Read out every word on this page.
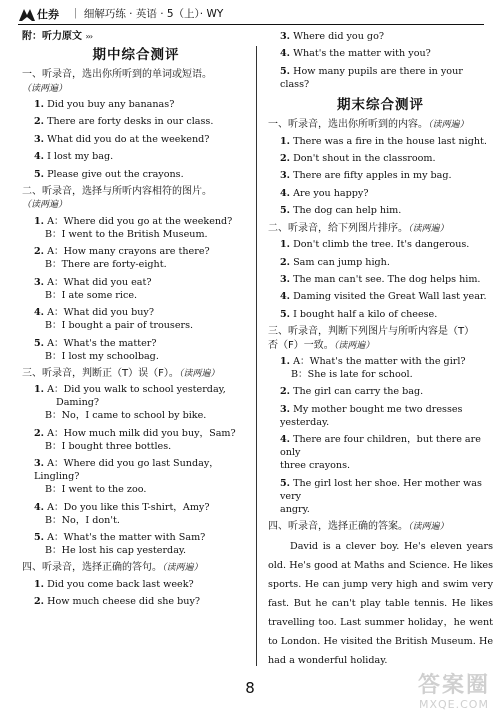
仕券 ｜ 细解巧练 · 英语 · 5（上）· WY
附：听力原文 ›››
期中综合测评
一、听录音，选出你所听到的单词或短语。（读两遍）
1. Did you buy any bananas?
2. There are forty desks in our class.
3. What did you do at the weekend?
4. I lost my bag.
5. Please give out the crayons.
二、听录音，选择与所听内容相符的图片。（读两遍）
1. A：Where did you go at the weekend?
B：I went to the British Museum.
2. A：How many crayons are there?
B：There are forty-eight.
3. A：What did you eat?
B：I ate some rice.
4. A：What did you buy?
B：I bought a pair of trousers.
5. A：What's the matter?
B：I lost my schoolbag.
三、听录音，判断正（T）误（F）。（读两遍）
1. A：Did you walk to school yesterday,
Daming?
B：No，I came to school by bike.
2. A：How much milk did you buy，Sam?
B：I bought three bottles.
3. A：Where did you go last Sunday，Lingling?
B：I went to the zoo.
4. A：Do you like this T-shirt，Amy?
B：No，I don't.
5. A：What's the matter with Sam?
B：He lost his cap yesterday.
四、听录音，选择正确的答句。（读两遍）
1. Did you come back last week?
2. How much cheese did she buy?
3. Where did you go?
4. What's the matter with you?
5. How many pupils are there in your class?
期末综合测评
一、听录音，选出你所听到的内容。（读两遍）
1. There was a fire in the house last night.
2. Don't shout in the classroom.
3. There are fifty apples in my bag.
4. Are you happy?
5. The dog can help him.
二、听录音，给下列图片排序。（读两遍）
1. Don't climb the tree. It's dangerous.
2. Sam can jump high.
3. The man can't see. The dog helps him.
4. Daming visited the Great Wall last year.
5. I bought half a kilo of cheese.
三、听录音，判断下列图片与所听内容是（T）
否（F）一致。（读两遍）
1. A：What's the matter with the girl?
B：She is late for school.
2. The girl can carry the bag.
3. My mother bought me two dresses
yesterday.
4. There are four children，but there are only
three crayons.
5. The girl lost her shoe. Her mother was very
angry.
四、听录音，选择正确的答案。（读两遍）
David is a clever boy. He's eleven years old. He's good at Maths and Science. He likes sports. He can jump very high and swim very fast. But he can't play table tennis. He likes travelling too. Last summer holiday，he went to London. He visited the British Museum. He had a wonderful holiday.
8	答案圈
MXQE.COM
